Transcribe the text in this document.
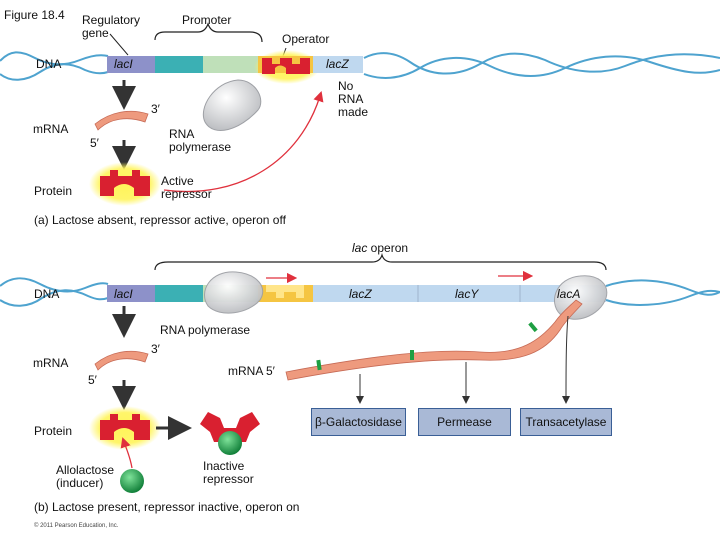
Figure 18.4 Regulatory
gene
Promoter
Operator
DNA	lacI	lacZ
No
RNA
made
3′
mRNA	RNA
polymerase
5′
Active
repressor
Protein
(a) Lactose absent, repressor active, operon off
lac operon
DNA	lacI	lacZ	lacY	lacA
RNA polymerase
3′
mRNA
mRNA 5′
5′
Protein
Allolactose
(inducer)
Inactive
repressor
β-Galactosidase	Permease	Transacetylase
(b) Lactose present, repressor inactive, operon on
© 2011 Pearson Education, Inc.
